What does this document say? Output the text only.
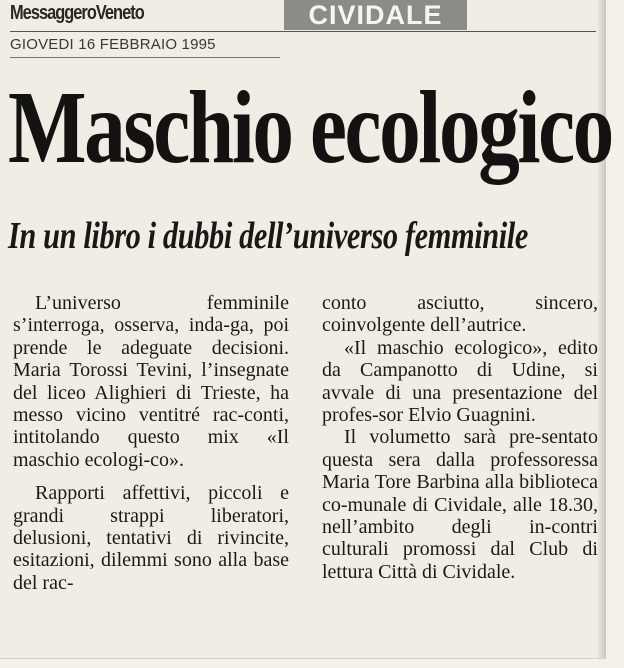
MessaggeroVeneto	CIVIDALE
GIOVEDI 16 FEBBRAIO 1995
Maschio ecologico
In un libro i dubbi dell’universo femminile

L’universo femminile s’interroga, osserva, inda-ga, poi prende le adeguate decisioni. Maria Torossi Tevini, l’insegnate del liceo Alighieri di Trieste, ha messo vicino ventitré rac-conti, intitolando questo mix «Il maschio ecologi-co».

Rapporti affettivi, piccoli e grandi strappi liberatori, delusioni, tentativi di rivincite, esitazioni, dilemmi sono alla base del rac-

conto asciutto, sincero, coinvolgente dell’autrice.

«Il maschio ecologico», edito da Campanotto di Udine, si avvale di una presentazione del profes-sor Elvio Guagnini.

Il volumetto sarà pre-sentato questa sera dalla professoressa Maria Tore Barbina alla biblioteca co-munale di Cividale, alle 18.30, nell’ambito degli in-contri culturali promossi dal Club di lettura Città di Cividale.
